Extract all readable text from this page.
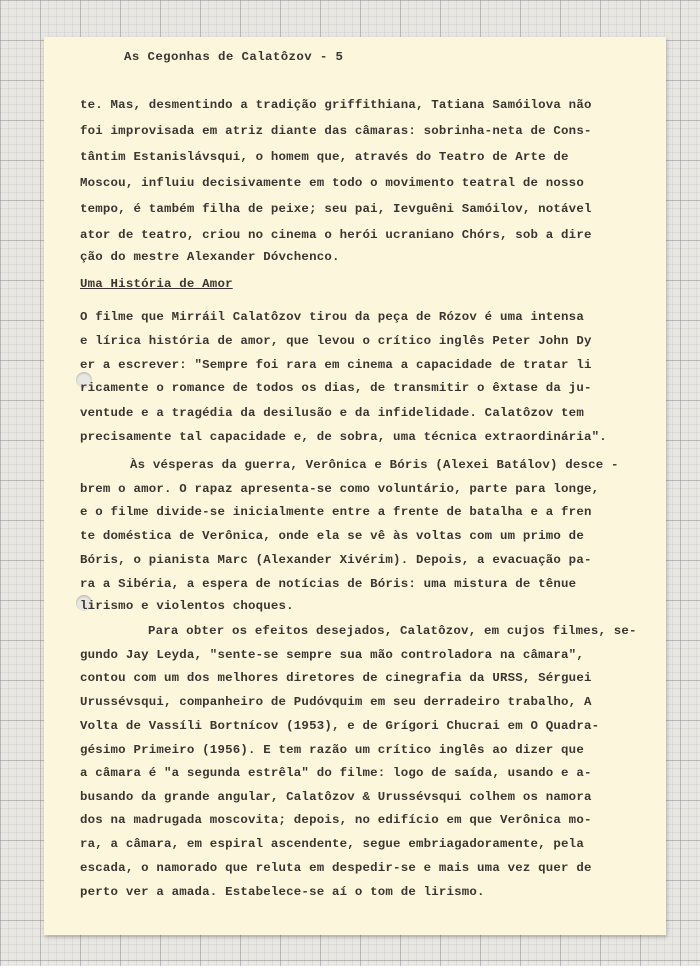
As Cegonhas de Calatôzov - 5
te. Mas, desmentindo a tradição griffithiana, Tatiana Samóilova não
foi improvisada em atriz diante das câmaras: sobrinha-neta de Cons-
tântim Estanislávsqui, o homem que, através do Teatro de Arte de
Moscou, influiu decisivamente em todo o movimento teatral de nosso
tempo, é também filha de peixe; seu pai, Ievguêni Samóilov, notável
ator de teatro, criou no cinema o herói ucraniano Chórs, sob a dire
ção do mestre Alexander Dóvchenco.
Uma História de Amor
O filme que Mirráil Calatôzov tirou da peça de Rózov é uma intensa
e lírica história de amor, que levou o crítico inglês Peter John Dy
er a escrever: "Sempre foi rara em cinema a capacidade de tratar li
ricamente o romance de todos os dias, de transmitir o êxtase da ju-
ventude e a tragédia da desilusão e da infidelidade. Calatôzov tem
precisamente tal capacidade e, de sobra, uma técnica extraordinária".
Às vésperas da guerra, Verônica e Bóris (Alexei Batálov) desce -
brem o amor. O rapaz apresenta-se como voluntário, parte para longe,
e o filme divide-se inicialmente entre a frente de batalha e a fren
te doméstica de Verônica, onde ela se vê às voltas com um primo de
Bóris, o pianista Marc (Alexander Xivérim). Depois, a evacuação pa-
ra a Sibéria, a espera de notícias de Bóris: uma mistura de tênue
lirismo e violentos choques.
Para obter os efeitos desejados, Calatôzov, em cujos filmes, se-
gundo Jay Leyda, "sente-se sempre sua mão controladora na câmara",
contou com um dos melhores diretores de cinegrafia da URSS, Sérguei
Urussévsqui, companheiro de Pudóvquim em seu derradeiro trabalho, A
Volta de Vassíli Bortnícov (1953), e de Grígori Chucrai em O Quadra-
gésimo Primeiro (1956). E tem razão um crítico inglês ao dizer que
a câmara é "a segunda estrêla" do filme: logo de saída, usando e a-
busando da grande angular, Calatôzov & Urussévsqui colhem os namora
dos na madrugada moscovita; depois, no edifício em que Verônica mo-
ra, a câmara, em espiral ascendente, segue embriagadoramente, pela
escada, o namorado que reluta em despedir-se e mais uma vez quer de
perto ver a amada. Estabelece-se aí o tom de lirismo.
